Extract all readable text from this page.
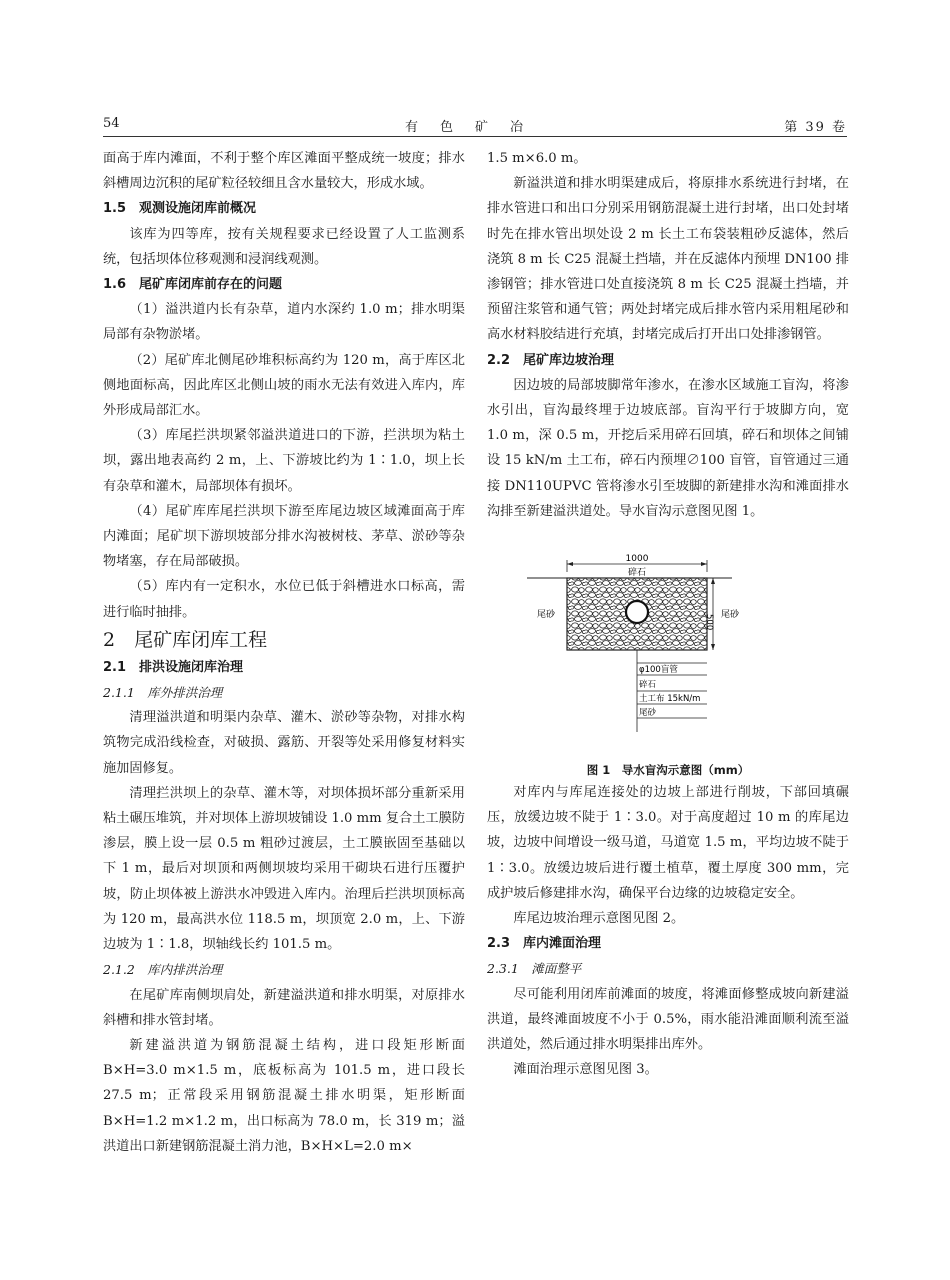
54	有色矿冶	第 39 卷

面高于库内滩面，不利于整个库区滩面平整成统一坡度；排水斜槽周边沉积的尾矿粒径较细且含水量较大，形成水域。

1.5　观测设施闭库前概况

该库为四等库，按有关规程要求已经设置了人工监测系统，包括坝体位移观测和浸润线观测。

1.6　尾矿库闭库前存在的问题

（1）溢洪道内长有杂草，道内水深约 1.0 m；排水明渠局部有杂物淤堵。

（2）尾矿库北侧尾砂堆积标高约为 120 m，高于库区北侧地面标高，因此库区北侧山坡的雨水无法有效进入库内，库外形成局部汇水。

（3）库尾拦洪坝紧邻溢洪道进口的下游，拦洪坝为粘土坝，露出地表高约 2 m，上、下游坡比约为 1∶1.0，坝上长有杂草和灌木，局部坝体有损坏。

（4）尾矿库库尾拦洪坝下游至库尾边坡区域滩面高于库内滩面；尾矿坝下游坝坡部分排水沟被树枝、茅草、淤砂等杂物堵塞，存在局部破损。

（5）库内有一定积水，水位已低于斜槽进水口标高，需进行临时抽排。

2　尾矿库闭库工程

2.1　排洪设施闭库治理

2.1.1　库外排洪治理

清理溢洪道和明渠内杂草、灌木、淤砂等杂物，对排水构筑物完成沿线检查，对破损、露筋、开裂等处采用修复材料实施加固修复。

清理拦洪坝上的杂草、灌木等，对坝体损坏部分重新采用粘土碾压堆筑，并对坝体上游坝坡铺设 1.0 mm 复合土工膜防渗层，膜上设一层 0.5 m 粗砂过渡层，土工膜嵌固至基础以下 1 m，最后对坝顶和两侧坝坡均采用干砌块石进行压覆护坡，防止坝体被上游洪水冲毁进入库内。治理后拦洪坝顶标高为 120 m，最高洪水位 118.5 m，坝顶宽 2.0 m，上、下游边坡为 1∶1.8，坝轴线长约 101.5 m。

2.1.2　库内排洪治理

在尾矿库南侧坝肩处，新建溢洪道和排水明渠，对原排水斜槽和排水管封堵。

新建溢洪道为钢筋混凝土结构，进口段矩形断面 B×H=3.0 m×1.5 m，底板标高为 101.5 m，进口段长 27.5 m；正常段采用钢筋混凝土排水明渠，矩形断面 B×H=1.2 m×1.2 m，出口标高为 78.0 m，长 319 m；溢洪道出口新建钢筋混凝土消力池，B×H×L=2.0 m×

1.5 m×6.0 m。

新溢洪道和排水明渠建成后，将原排水系统进行封堵，在排水管进口和出口分别采用钢筋混凝土进行封堵，出口处封堵时先在排水管出坝处设 2 m 长土工布袋装粗砂反滤体，然后浇筑 8 m 长 C25 混凝土挡墙，并在反滤体内预埋 DN100 排渗钢管；排水管进口处直接浇筑 8 m 长 C25 混凝土挡墙，并预留注浆管和通气管；两处封堵完成后排水管内采用粗尾砂和高水材料胶结进行充填，封堵完成后打开出口处排渗钢管。

2.2　尾矿库边坡治理

因边坡的局部坡脚常年渗水，在渗水区域施工盲沟，将渗水引出，盲沟最终埋于边坡底部。盲沟平行于坡脚方向，宽 1.0 m，深 0.5 m，开挖后采用碎石回填，碎石和坝体之间铺设 15 kN/m 土工布，碎石内预埋∅100 盲管，盲管通过三通接 DN110UPVC 管将渗水引至坡脚的新建排水沟和滩面排水沟排至新建溢洪道处。导水盲沟示意图见图 1。

1000
碎石
尾砂	尾砂
500
φ100盲管
碎石
土工布 15kN/m
尾砂

图 1　导水盲沟示意图（mm）

对库内与库尾连接处的边坡上部进行削坡，下部回填碾压，放缓边坡不陡于 1∶3.0。对于高度超过 10 m 的库尾边坡，边坡中间增设一级马道，马道宽 1.5 m，平均边坡不陡于 1∶3.0。放缓边坡后进行覆土植草，覆土厚度 300 mm，完成护坡后修建排水沟，确保平台边缘的边坡稳定安全。

库尾边坡治理示意图见图 2。

2.3　库内滩面治理

2.3.1　滩面整平

尽可能利用闭库前滩面的坡度，将滩面修整成坡向新建溢洪道，最终滩面坡度不小于 0.5%，雨水能沿滩面顺利流至溢洪道处，然后通过排水明渠排出库外。

滩面治理示意图见图 3。
